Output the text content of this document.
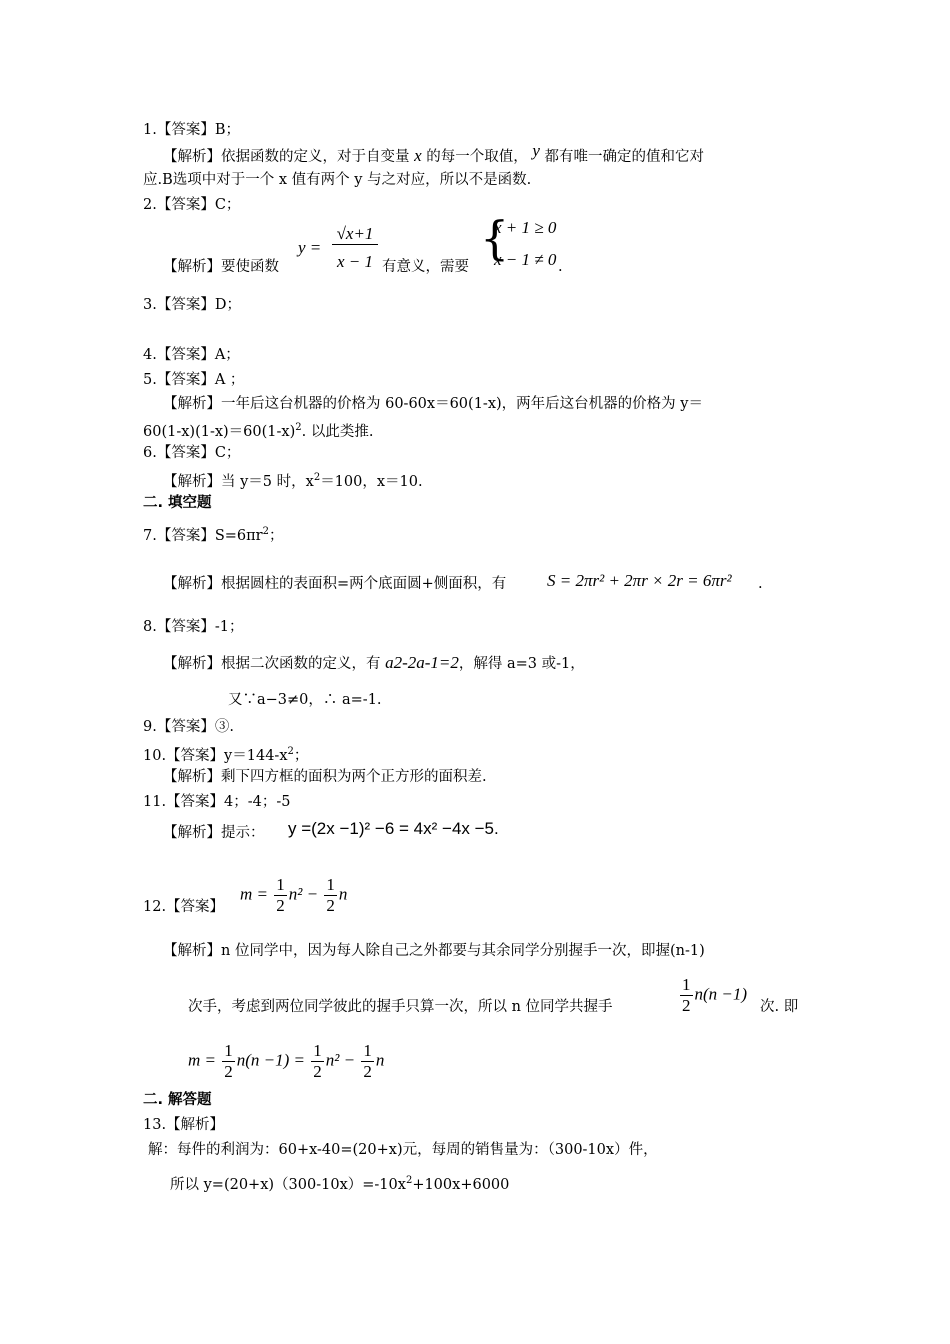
1.【答案】B；
【解析】依据函数的定义，对于自变量 x 的每一个取值， y 都有唯一确定的值和它对
应.B选项中对于一个 x 值有两个 y 与之对应，所以不是函数.
2.【答案】C；
【解析】要使函数
y =
√x+1
x − 1 有意义，需要
{
x + 1 ≥ 0
x − 1 ≠ 0 .
3.【答案】D；
4.【答案】A；
5.【答案】A ；
【解析】一年后这台机器的价格为 60-60x＝60(1-x)，两年后这台机器的价格为 y＝
$60(1-x)(1-x)=60(1-x)^2$. 以此类推.
6.【答案】C；
【解析】当 y＝5 时，$x^2=100$，x＝10.
二. 填空题
7.【答案】$S=6\pi r^2$；
【解析】根据圆柱的表面积=两个底面圆+侧面积，有 S = 2πr² + 2πr × 2r = 6πr² .
8.【答案】-1；
【解析】根据二次函数的定义，有 a2-2a-1=2，解得 a=3 或-1，
又∵a−3≠0，∴ a=-1.
9.【答案】③.
10.【答案】$y=144-x^2$；
【解析】剩下四方框的面积为两个正方形的面积差.
11.【答案】4；-4；-5
【解析】提示： y =(2x −1)² −6 = 4x² −4x −5.
12.【答案】
$m = \frac{1}{2} n^2 - \frac{1}{2}$ n
【解析】n 位同学中，因为每人除自己之外都要与其余同学分别握手一次，即握(n-1)
次手，考虑到两位同学彼此的握手只算一次，所以 n 位同学共握手	$\frac{1}{2} n(n -1)$
次. 即
$m = \frac{1}{2} n(n -1) = \frac{1}{2} n^2 - \frac{1}{2}$ n
二. 解答题
13.【解析】
解：每件的利润为：60+x-40=(20+x)元，每周的销售量为：（300-10x）件，
所以 $y=(20+x)(300-10x)=-10x^2+100x+6000$
